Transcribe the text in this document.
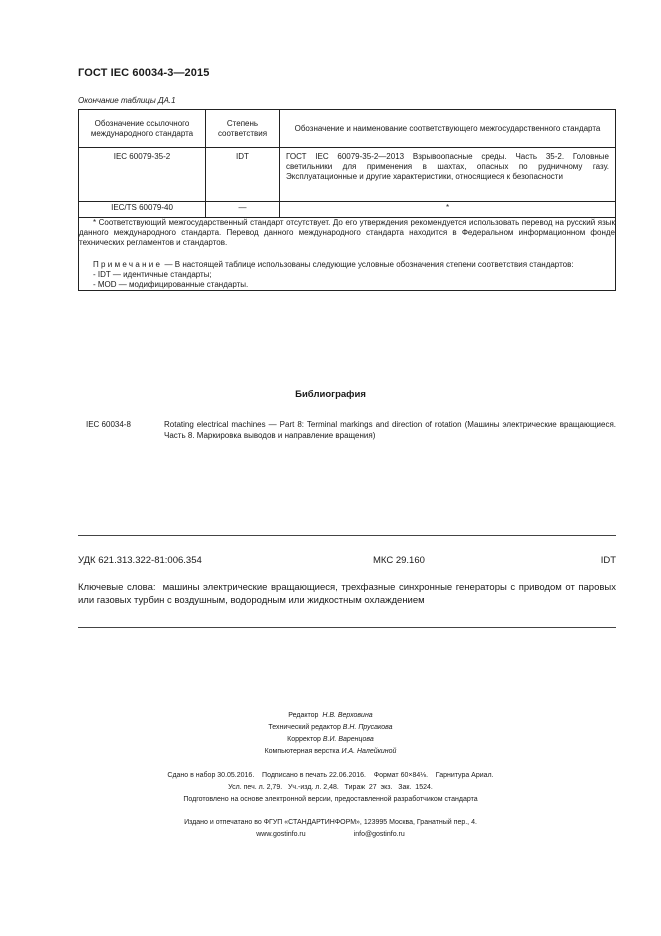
ГОСТ IEC 60034-3—2015
Окончание таблицы ДА.1
Обозначение ссылочного международного стандарта	Степень соответствия	Обозначение и наименование соответствующего межгосударственного стандарта
IEC 60079-35-2	IDT	ГОСТ IEC 60079-35-2—2013 Взрывоопасные среды. Часть 35-2. Головные светильники для применения в шахтах, опасных по рудничному газу. Эксплуатационные и другие характеристики, относящиеся к безопасности
IEC/TS 60079-40	—	*

* Соответствующий межгосударственный стандарт отсутствует. До его утверждения рекомендуется использовать перевод на русский язык данного международного стандарта. Перевод данного международного стандарта находится в Федеральном информационном фонде технических регламентов и стандартов.

Примечание — В настоящей таблице использованы следующие условные обозначения степени соответствия стандартов:

- IDT — идентичные стандарты;

- MOD — модифицированные стандарты.		

Библиография
IEC 60034-8	Rotating electrical machines — Part 8: Terminal markings and direction of rotation (Машины электрические вращающиеся. Часть 8. Маркировка выводов и направление вращения)
УДК 621.313.322-81:006.354	МКС 29.160	IDT
Ключевые слова: машины электрические вращающиеся, трехфазные синхронные генераторы с приводом от паровых или газовых турбин с воздушным, водородным или жидкостным охлаждением
Редактор Н.В. Верховина
Технический редактор В.Н. Прусакова
Корректор В.И. Варенцова
Компьютерная верстка И.А. Налейкиной
Сдано в набор 30.05.2016.    Подписано в печать 22.06.2016.    Формат 60×84⅛.    Гарнитура Ариал.
Усл. печ. л. 2,79.   Уч.-изд. л. 2,48.   Тираж  27  экз.   Зак.  1524.
Подготовлено на основе электронной версии, предоставленной разработчиком стандарта
Издано и отпечатано во ФГУП «СТАНДАРТИНФОРМ», 123995 Москва, Гранатный пер., 4.
www.gostinfo.ru	info@gostinfo.ru
